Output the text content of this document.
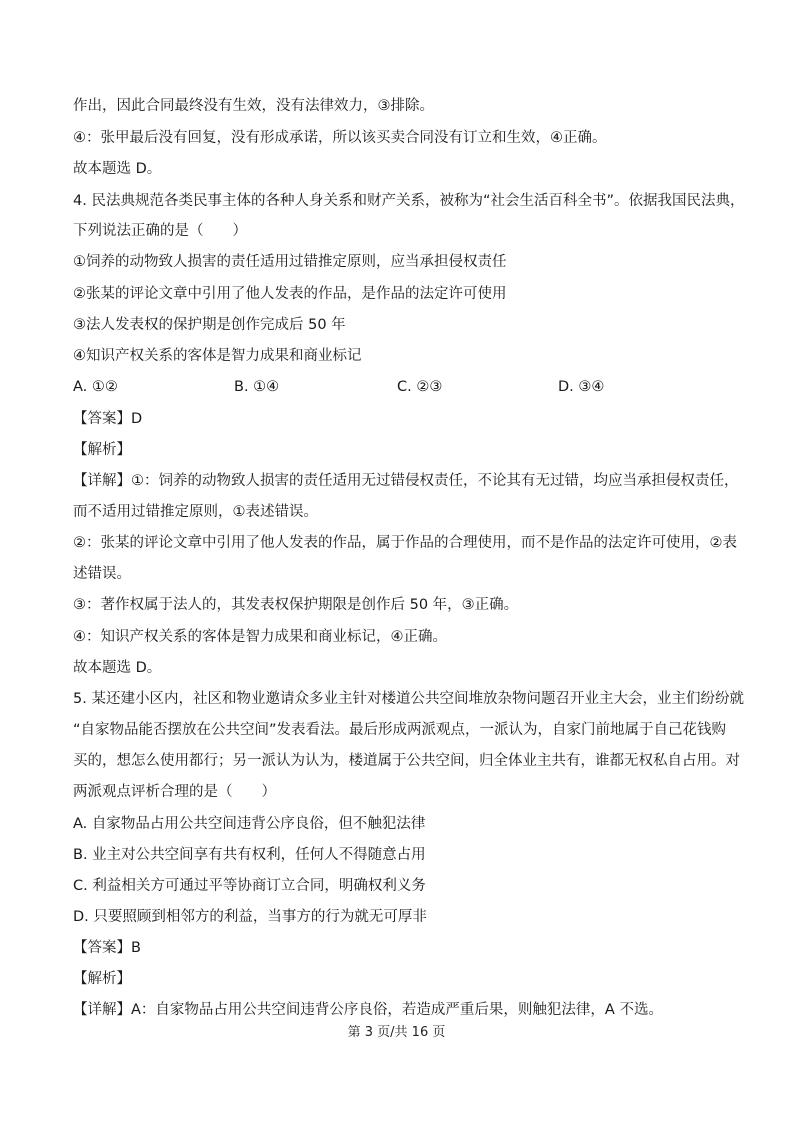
作出，因此合同最终没有生效，没有法律效力，③排除。
④：张甲最后没有回复，没有形成承诺，所以该买卖合同没有订立和生效，④正确。
故本题选 D。
4. 民法典规范各类民事主体的各种人身关系和财产关系，被称为“社会生活百科全书”。依据我国民法典，
下列说法正确的是（　　）
①饲养的动物致人损害的责任适用过错推定原则，应当承担侵权责任
②张某的评论文章中引用了他人发表的作品，是作品的法定许可使用
③法人发表权的保护期是创作完成后 50 年
④知识产权关系的客体是智力成果和商业标记
A. ①②	B. ①④	C. ②③	D. ③④
【答案】D
【解析】
【详解】①：饲养的动物致人损害的责任适用无过错侵权责任，不论其有无过错，均应当承担侵权责任，
而不适用过错推定原则，①表述错误。
②：张某的评论文章中引用了他人发表的作品，属于作品的合理使用，而不是作品的法定许可使用，②表
述错误。
③：著作权属于法人的，其发表权保护期限是创作后 50 年，③正确。
④：知识产权关系的客体是智力成果和商业标记，④正确。
故本题选 D。
5. 某还建小区内，社区和物业邀请众多业主针对楼道公共空间堆放杂物问题召开业主大会，业主们纷纷就
“自家物品能否摆放在公共空间”发表看法。最后形成两派观点，一派认为，自家门前地属于自己花钱购
买的，想怎么使用都行；另一派认为认为，楼道属于公共空间，归全体业主共有，谁都无权私自占用。对
两派观点评析合理的是（　　）
A. 自家物品占用公共空间违背公序良俗，但不触犯法律
B. 业主对公共空间享有共有权利，任何人不得随意占用
C. 利益相关方可通过平等协商订立合同，明确权利义务
D. 只要照顾到相邻方的利益，当事方的行为就无可厚非
【答案】B
【解析】
【详解】A：自家物品占用公共空间违背公序良俗，若造成严重后果，则触犯法律，A 不选。
第 3 页/共 16 页
